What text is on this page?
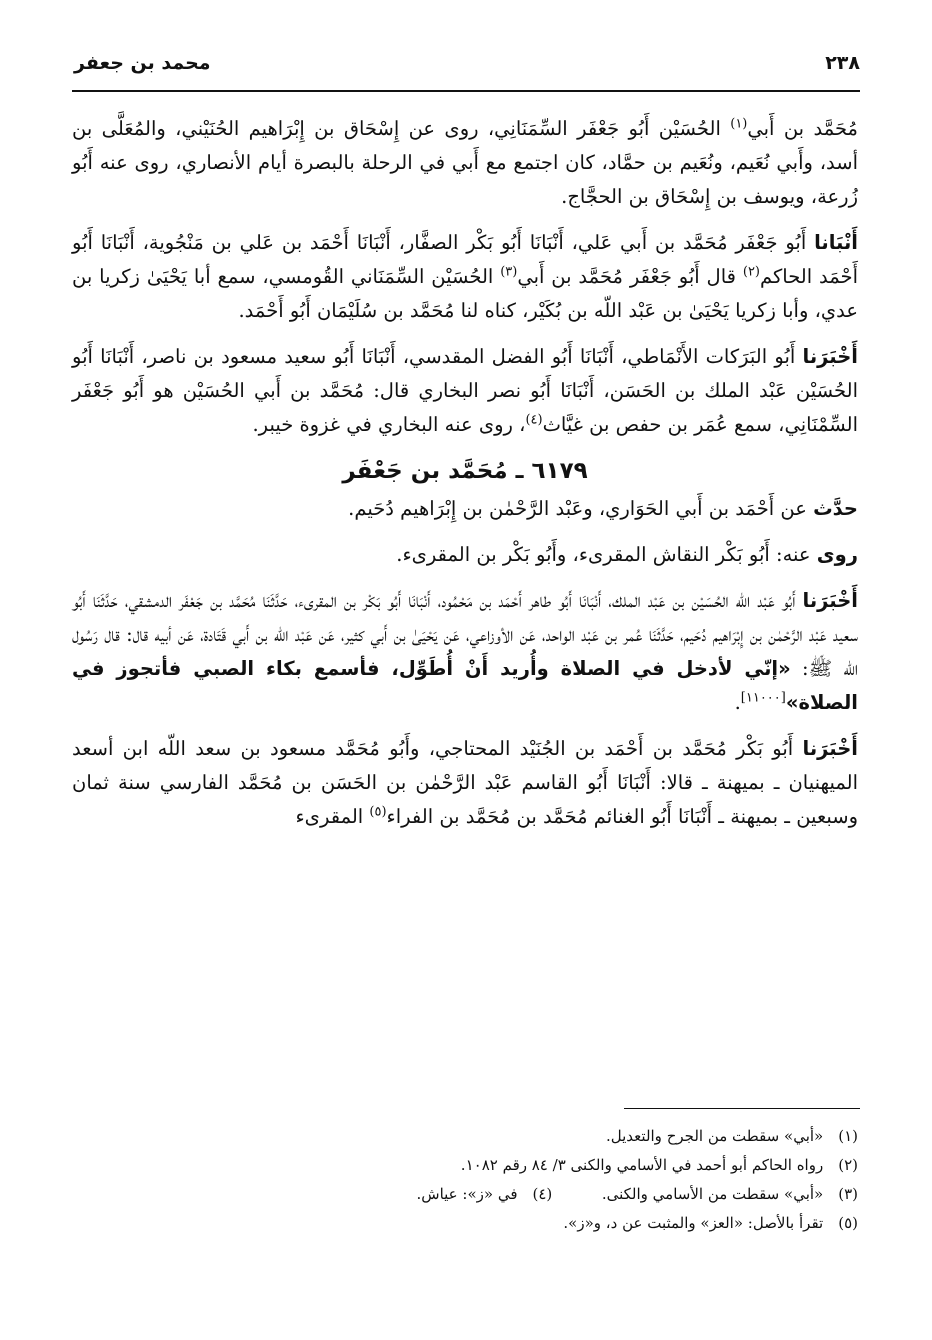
٢٣٨
محمد بن جعفر

مُحَمَّد بن أَبي$^{(١)}$ الحُسَيْن أَبُو جَعْفَر السِّمَنَانِي، روى عن إِسْحَاق بن إِبْرَاهيم الحُنَيْني، والمُعَلَّى بن أسد، وأَبي نُعَيم، ونُعَيم بن حمَّاد، كان اجتمع مع أَبي في الرحلة بالبصرة أيام الأنصاري، روى عنه أَبُو زُرعة، ويوسف بن إِسْحَاق بن الحجَّاج.

أَنْبَانا أَبُو جَعْفَر مُحَمَّد بن أَبي عَلي، أَنْبَانَا أَبُو بَكْر الصفَّار، أَنْبَانَا أَحْمَد بن عَلي بن مَنْجُوية، أَنْبَانَا أَبُو أَحْمَد الحاكم$^{(٢)}$ قال أَبُو جَعْفَر مُحَمَّد بن أَبي$^{(٣)}$ الحُسَيْن السِّمَنَاني القُومسي، سمع أبا يَحْيَىٰ زكريا بن عدي، وأبا زكريا يَحْيَىٰ بن عَبْد اللّه بن بُكَيْر، كناه لنا مُحَمَّد بن سُلَيْمَان أَبُو أَحْمَد.

أَخْبَرَنا أَبُو البَرَكات الأَنْمَاطي، أَنْبَانَا أَبُو الفضل المقدسي، أَنْبَانَا أَبُو سعيد مسعود بن ناصر، أَنْبَانَا أَبُو الحُسَيْن عَبْد الملك بن الحَسَن، أَنْبَانَا أَبُو نصر البخاري قال: مُحَمَّد بن أَبي الحُسَيْن هو أَبُو جَعْفَر السِّمْنَانِي، سمع عُمَر بن حفص بن غيَّاث$^{(٤)}$، روى عنه البخاري في غزوة خيبر.

٦١٧٩ ـ مُحَمَّد بن جَعْفَر

حدَّث عن أَحْمَد بن أَبي الحَوَاري، وعَبْد الرَّحْمٰن بن إِبْرَاهيم دُحَيم.

روى عنه: أَبُو بَكْر النقاش المقرىء، وأَبُو بَكْر بن المقرىء.

أَخْبَرَنا أَبُو عَبْد اللّه الحُسَيْن بن عَبْد الملك، أَنْبَانَا أَبُو طاهر أَحْمَد بن مَحْمُود، أَنْبَانَا أَبُو بَكْر بن المقرىء، حَدَّثَنَا مُحَمَّد بن جَعْفَر الدمشقي، حَدَّثَنَا أَبُو سعيد عَبْد الرَّحْمٰن بن إِبْرَاهيم دُحَيم، حَدَّثَنَا عُمر بن عَبْد الواحد، عَن الأوزاعي، عَن يَحْيَىٰ بن أَبي كثير، عَن عَبْد اللّه بن أَبي قَتَادة، عَن أبيه قال: قال رَسُول الله ﷺ: «إنّي لأدخل في الصلاة وأُريد أَنْ أُطَوِّل، فأسمع بكاء الصبي فأتجوز في الصلاة»[١١٠٠٠].

أَخْبَرَنا أَبُو بَكْر مُحَمَّد بن أَحْمَد بن الجُنَيْد المحتاجي، وأَبُو مُحَمَّد مسعود بن سعد اللّه ابن أسعد الميهنيان ـ بميهنة ـ قالا: أَنْبَانَا أَبُو القاسم عَبْد الرَّحْمٰن بن الحَسَن بن مُحَمَّد الفارسي سنة ثمان وسبعين ـ بميهنة ـ أَنْبَانَا أَبُو الغنائم مُحَمَّد بن مُحَمَّد بن الفراء$^{(٥)}$ المقرىء

(١) «أبي» سقطت من الجرح والتعديل.
(٢) رواه الحاكم أبو أحمد في الأسامي والكنى ٣/ ٨٤ رقم ١٠٨٢.
(٣) «أبي» سقطت من الأسامي والكنى.  (٤) في «ز»: عياش.
(٥) تقرأ بالأصل: «العز» والمثبت عن د، و«ز».
